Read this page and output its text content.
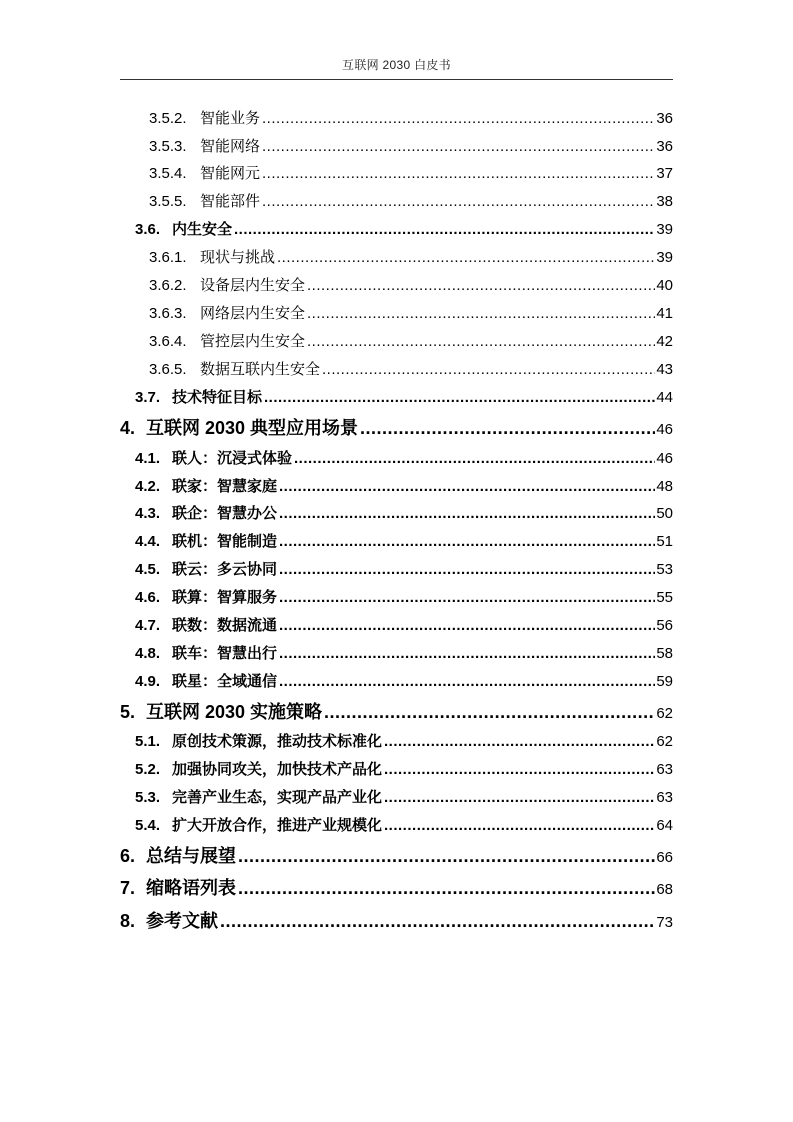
互联网 2030 白皮书
3.5.2. 智能业务 .....	36
3.5.3. 智能网络 .....	36
3.5.4. 智能网元 .....	37
3.5.5. 智能部件 .....	38
3.6. 内生安全 .....	39
3.6.1. 现状与挑战 .....	39
3.6.2. 设备层内生安全 .....	40
3.6.3. 网络层内生安全 .....	41
3.6.4. 管控层内生安全 .....	42
3.6.5. 数据互联内生安全 .....	43
3.7. 技术特征目标 .....	44
4. 互联网 2030 典型应用场景 .....	46
4.1. 联人：沉浸式体验 .....	46
4.2. 联家：智慧家庭 .....	48
4.3. 联企：智慧办公 .....	50
4.4. 联机：智能制造 .....	51
4.5. 联云：多云协同 .....	53
4.6. 联算：智算服务 .....	55
4.7. 联数：数据流通 .....	56
4.8. 联车：智慧出行 .....	58
4.9. 联星：全域通信 .....	59
5. 互联网 2030 实施策略 .....	62
5.1. 原创技术策源，推动技术标准化 .....	62
5.2. 加强协同攻关，加快技术产品化 .....	63
5.3. 完善产业生态，实现产品产业化 .....	63
5.4. 扩大开放合作，推进产业规模化 .....	64
6. 总结与展望 .....	66
7. 缩略语列表 .....	68
8. 参考文献 .....	73
